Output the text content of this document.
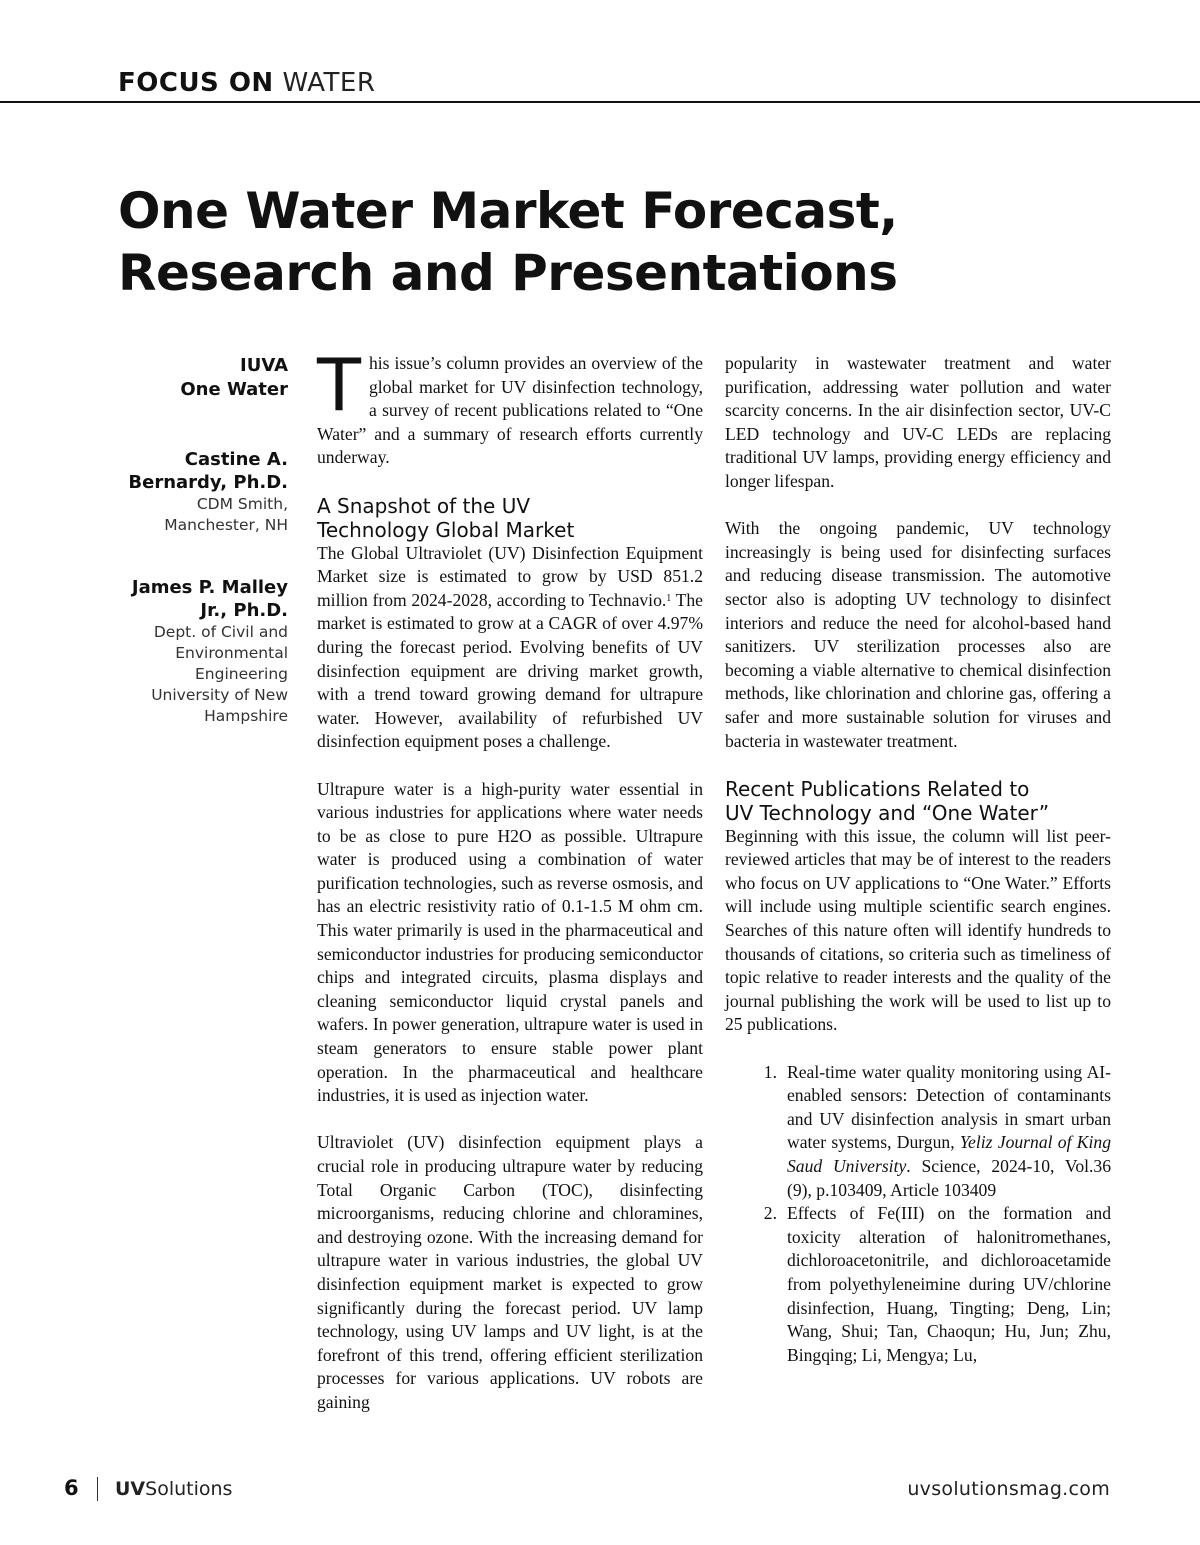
FOCUS ON WATER
One Water Market Forecast,
Research and Presentations
IUVA
One Water
Castine A.
Bernardy, Ph.D.
CDM Smith,
Manchester, NH
James P. Malley
Jr., Ph.D.
Dept. of Civil and
Environmental
Engineering
University of New
Hampshire

This issue’s column provides an overview of the global market for UV disinfection technology, a survey of recent publications related to “One Water” and a summary of research efforts currently underway.

A Snapshot of the UV
Technology Global Market

The Global Ultraviolet (UV) Disinfection Equipment Market size is estimated to grow by USD 851.2 million from 2024-2028, according to Technavio.$^1$ The market is estimated to grow at a CAGR of over 4.97% during the forecast period. Evolving benefits of UV disinfection equipment are driving market growth, with a trend toward growing demand for ultrapure water. However, availability of refurbished UV disinfection equipment poses a challenge.

Ultrapure water is a high-purity water essential in various industries for applications where water needs to be as close to pure H2O as possible. Ultrapure water is produced using a combination of water purification technologies, such as reverse osmosis, and has an electric resistivity ratio of 0.1-1.5 M ohm cm. This water primarily is used in the pharmaceutical and semiconductor industries for producing semiconductor chips and integrated circuits, plasma displays and cleaning semiconductor liquid crystal panels and wafers. In power generation, ultrapure water is used in steam generators to ensure stable power plant operation. In the pharmaceutical and healthcare industries, it is used as injection water.

Ultraviolet (UV) disinfection equipment plays a crucial role in producing ultrapure water by reducing Total Organic Carbon (TOC), disinfecting microorganisms, reducing chlorine and chloramines, and destroying ozone. With the increasing demand for ultrapure water in various industries, the global UV disinfection equipment market is expected to grow significantly during the forecast period. UV lamp technology, using UV lamps and UV light, is at the forefront of this trend, offering efficient sterilization processes for various applications. UV robots are gaining

popularity in wastewater treatment and water purification, addressing water pollution and water scarcity concerns. In the air disinfection sector, UV-C LED technology and UV-C LEDs are replacing traditional UV lamps, providing energy efficiency and longer lifespan.

With the ongoing pandemic, UV technology increasingly is being used for disinfecting surfaces and reducing disease transmission. The automotive sector also is adopting UV technology to disinfect interiors and reduce the need for alcohol-based hand sanitizers. UV sterilization processes also are becoming a viable alternative to chemical disinfection methods, like chlorination and chlorine gas, offering a safer and more sustainable solution for viruses and bacteria in wastewater treatment.

Recent Publications Related to
UV Technology and “One Water”

Beginning with this issue, the column will list peer-reviewed articles that may be of interest to the readers who focus on UV applications to “One Water.” Efforts will include using multiple scientific search engines. Searches of this nature often will identify hundreds to thousands of citations, so criteria such as timeliness of topic relative to reader interests and the quality of the journal publishing the work will be used to list up to 25 publications.

1. Real-time water quality monitoring using AI-enabled sensors: Detection of contaminants and UV disinfection analysis in smart urban water systems, Durgun, Yeliz Journal of King Saud University. Science, 2024-10, Vol.36 (9), p.103409, Article 103409
2. Effects of Fe(III) on the formation and toxicity alteration of halonitromethanes, dichloroacetonitrile, and dichloroacetamide from polyethyleneimine during UV/chlorine disinfection, Huang, Tingting; Deng, Lin; Wang, Shui; Tan, Chaoqun; Hu, Jun; Zhu, Bingqing; Li, Mengya; Lu,
6 UVSolutions	uvsolutionsmag.com
